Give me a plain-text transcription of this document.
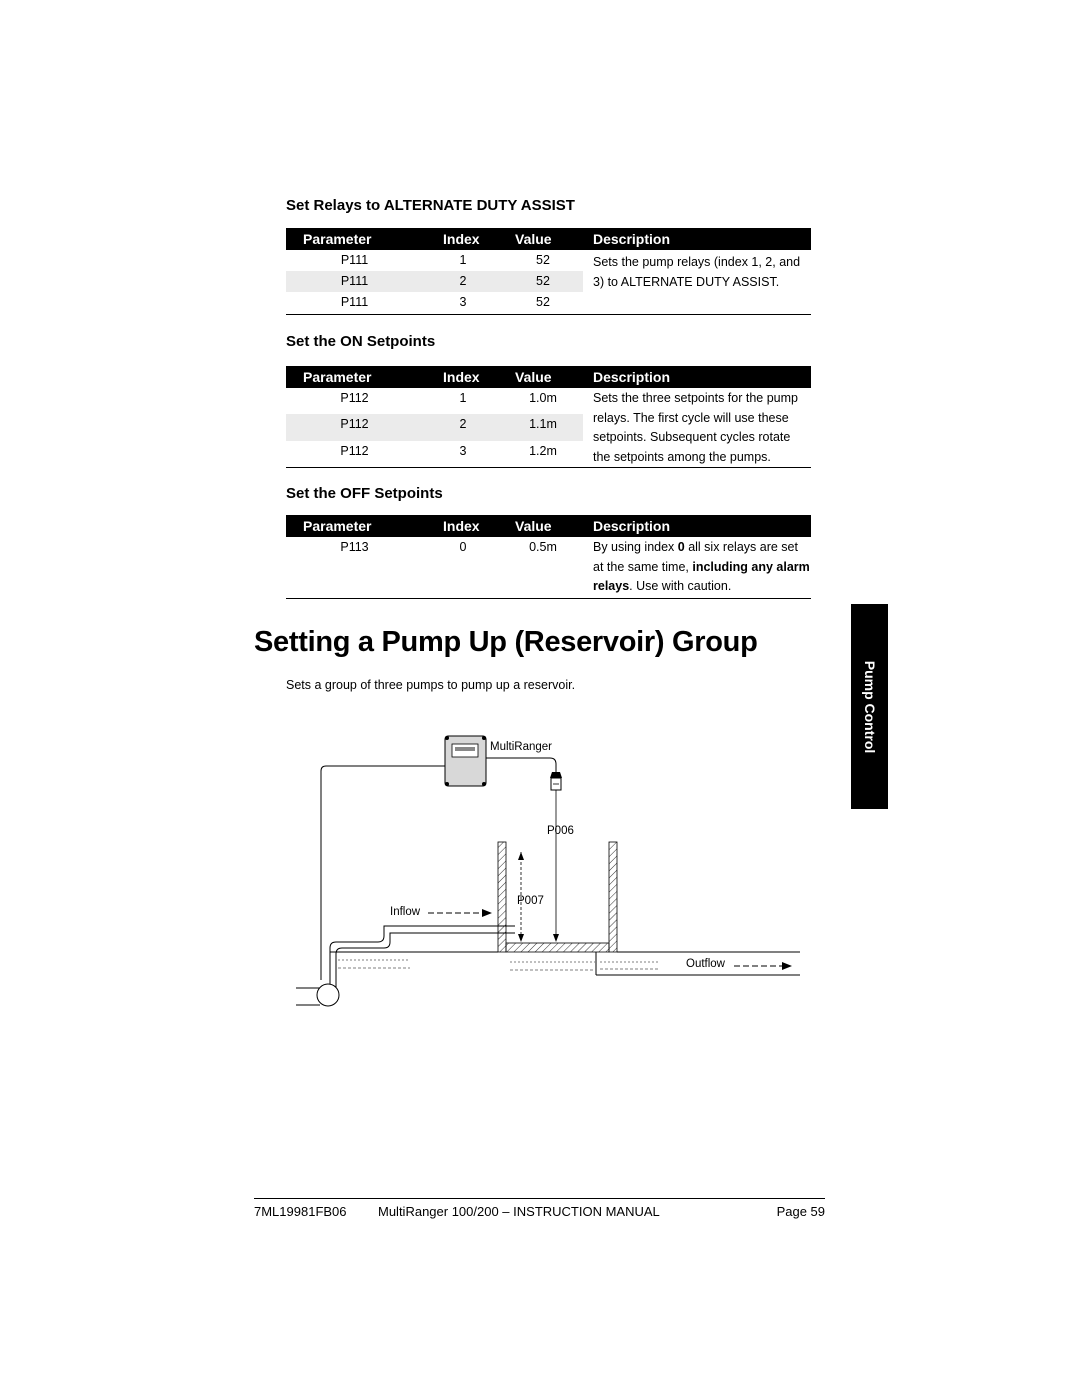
Set Relays to ALTERNATE DUTY ASSIST
Parameter	Index	Value	Description
P111	1	52	Sets the pump relays (index 1, 2, and 3) to ALTERNATE DUTY ASSIST.
P111	2	52	
P111	3	52	
Set the ON Setpoints
Parameter	Index	Value	Description
P112	1	1.0m	Sets the three setpoints for the pump relays. The first cycle will use these setpoints. Subsequent cycles rotate the setpoints among the pumps.
P112	2	1.1m	
P112	3	1.2m	
Set the OFF Setpoints
Parameter	Index	Value	Description
P113	0	0.5m	By using index 0 all six relays are set at the same time, including any alarm relays. Use with caution.
Setting a Pump Up (Reservoir) Group
Sets a group of three pumps to pump up a reservoir.	Pump Control
MultiRanger
P006
P007
Inflow
Outflow
7ML19981FB06 MultiRanger 100/200 – INSTRUCTION MANUAL	Page 59
